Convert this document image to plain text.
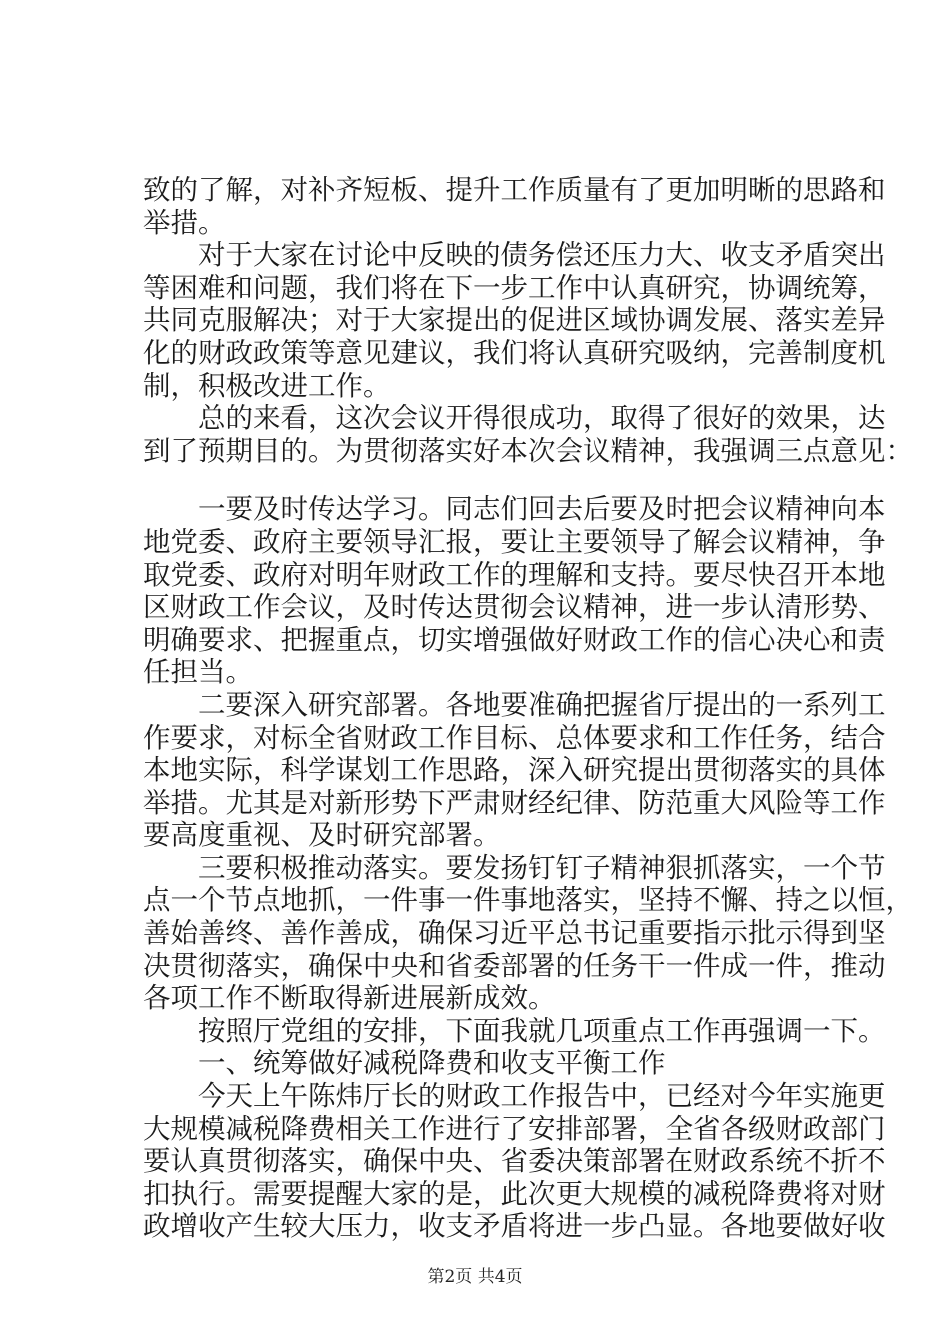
致的了解，对补齐短板、提升工作质量有了更加明晰的思路和
举措。
　　对于大家在讨论中反映的债务偿还压力大、收支矛盾突出
等困难和问题，我们将在下一步工作中认真研究，协调统筹，
共同克服解决；对于大家提出的促进区域协调发展、落实差异
化的财政政策等意见建议，我们将认真研究吸纳，完善制度机
制，积极改进工作。
　　总的来看，这次会议开得很成功，取得了很好的效果，达
到了预期目的。为贯彻落实好本次会议精神，我强调三点意见：
　　一要及时传达学习。同志们回去后要及时把会议精神向本
地党委、政府主要领导汇报，要让主要领导了解会议精神，争
取党委、政府对明年财政工作的理解和支持。要尽快召开本地
区财政工作会议，及时传达贯彻会议精神，进一步认清形势、
明确要求、把握重点，切实增强做好财政工作的信心决心和责
任担当。
　　二要深入研究部署。各地要准确把握省厅提出的一系列工
作要求，对标全省财政工作目标、总体要求和工作任务，结合
本地实际，科学谋划工作思路，深入研究提出贯彻落实的具体
举措。尤其是对新形势下严肃财经纪律、防范重大风险等工作
要高度重视、及时研究部署。
　　三要积极推动落实。要发扬钉钉子精神狠抓落实，一个节
点一个节点地抓，一件事一件事地落实，坚持不懈、持之以恒，
善始善终、善作善成，确保习近平总书记重要指示批示得到坚
决贯彻落实，确保中央和省委部署的任务干一件成一件，推动
各项工作不断取得新进展新成效。
　　按照厅党组的安排，下面我就几项重点工作再强调一下。
　　一、统筹做好减税降费和收支平衡工作
　　今天上午陈炜厅长的财政工作报告中，已经对今年实施更
大规模减税降费相关工作进行了安排部署，全省各级财政部门
要认真贯彻落实，确保中央、省委决策部署在财政系统不折不
扣执行。需要提醒大家的是，此次更大规模的减税降费将对财
政增收产生较大压力，收支矛盾将进一步凸显。各地要做好收
第2页 共4页
